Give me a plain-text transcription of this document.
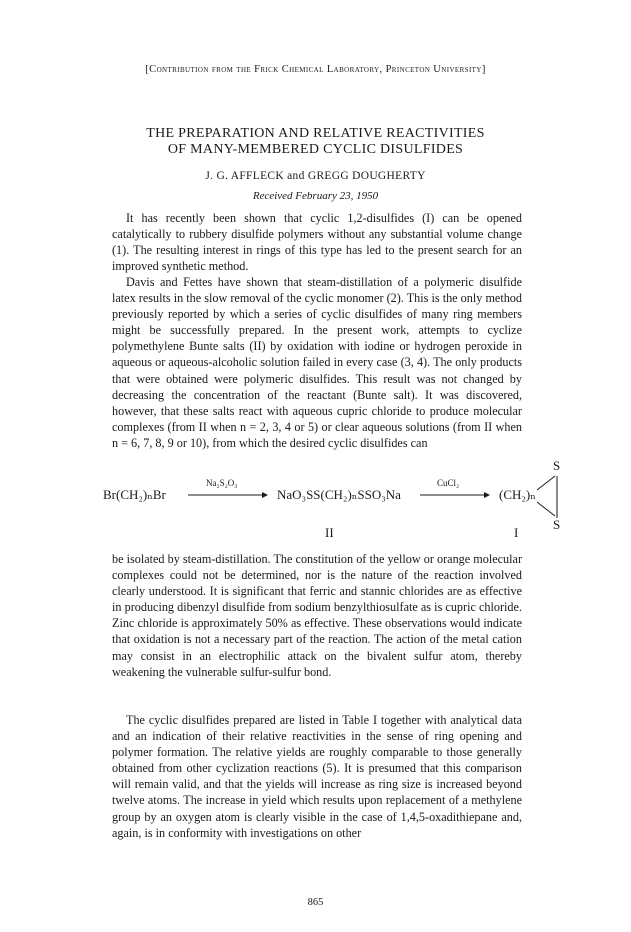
[Contribution from the Frick Chemical Laboratory, Princeton University]
THE PREPARATION AND RELATIVE REACTIVITIES
OF MANY-MEMBERED CYCLIC DISULFIDES
J. G. AFFLECK and GREGG DOUGHERTY
Received February 23, 1950

It has recently been shown that cyclic 1,2-disulfides (I) can be opened catalytically to rubbery disulfide polymers without any substantial volume change (1). The resulting interest in rings of this type has led to the present search for an improved synthetic method.

Davis and Fettes have shown that steam-distillation of a polymeric disulfide latex results in the slow removal of the cyclic monomer (2). This is the only method previously reported by which a series of cyclic disulfides of many ring members might be successfully prepared. In the present work, attempts to cyclize polymethylene Bunte salts (II) by oxidation with iodine or hydrogen peroxide in aqueous or aqueous-alcoholic solution failed in every case (3, 4). The only products that were obtained were polymeric disulfides. This result was not changed by decreasing the concentration of the reactant (Bunte salt). It was discovered, however, that these salts react with aqueous cupric chloride to produce molecular complexes (from II when n = 2, 3, 4 or 5) or clear aqueous solutions (from II when n = 6, 7, 8, 9 or 10), from which the desired cyclic disulfides can

Br(CH₂)ₙBr
Na₂S₂O₃
NaO₃SS(CH₂)ₙSSO₃Na
CuCl₂
(CH₂)ₙ
S
S
II	I

be isolated by steam-distillation. The constitution of the yellow or orange molecular complexes could not be determined, nor is the nature of the reaction involved clearly understood. It is significant that ferric and stannic chlorides are as effective in producing dibenzyl disulfide from sodium benzylthiosulfate as is cupric chloride. Zinc chloride is approximately 50% as effective. These observations would indicate that oxidation is not a necessary part of the reaction. The action of the metal cation may consist in an electrophilic attack on the bivalent sulfur atom, thereby weakening the vulnerable sulfur-sulfur bond.

The cyclic disulfides prepared are listed in Table I together with analytical data and an indication of their relative reactivities in the sense of ring opening and polymer formation. The relative yields are roughly comparable to those generally obtained from other cyclization reactions (5). It is presumed that this comparison will remain valid, and that the yields will increase as ring size is increased beyond twelve atoms. The increase in yield which results upon replacement of a methylene group by an oxygen atom is clearly visible in the case of 1,4,5-oxadithiepane and, again, is in conformity with investigations on other

865
